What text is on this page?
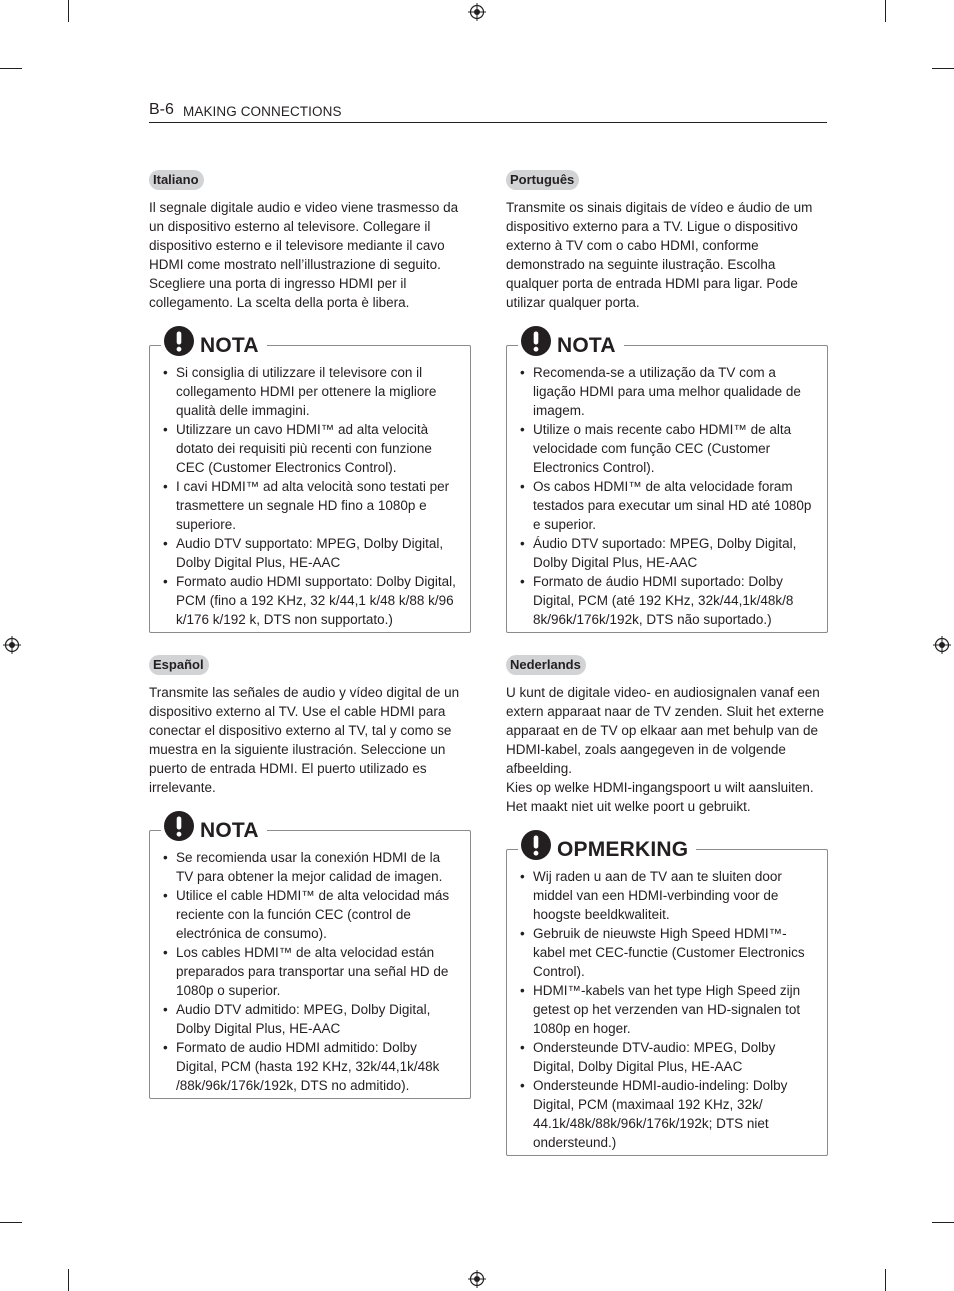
B-6 MAKING CONNECTIONS
Italiano

Il segnale digitale audio e video viene trasmesso da un dispositivo esterno al televisore. Collegare il dispositivo esterno e il televisore mediante il cavo HDMI come mostrato nell’illustrazione di seguito. Scegliere una porta di ingresso HDMI per il collegamento. La scelta della porta è libera.

NOTA
• Si consiglia di utilizzare il televisore con il collegamento HDMI per ottenere la migliore qualità delle immagini.
• Utilizzare un cavo HDMI™ ad alta velocità dotato dei requisiti più recenti con funzione CEC (Customer Electronics Control).
• I cavi HDMI™ ad alta velocità sono testati per trasmettere un segnale HD fino a 1080p e superiore.
• Audio DTV supportato: MPEG, Dolby Digital, Dolby Digital Plus, HE-AAC
• Formato audio HDMI supportato: Dolby Digital, PCM (fino a 192 KHz, 32 k/44,1 k/48 k/88 k/96 k/176 k/192 k, DTS non supportato.)
Español

Transmite las señales de audio y vídeo digital de un dispositivo externo al TV. Use el cable HDMI para conectar el dispositivo externo al TV, tal y como se muestra en la siguiente ilustración. Seleccione un puerto de entrada HDMI. El puerto utilizado es irrelevante.

NOTA
• Se recomienda usar la conexión HDMI de la TV para obtener la mejor calidad de imagen.
• Utilice el cable HDMI™ de alta velocidad más reciente con la función CEC (control de electrónica de consumo).
• Los cables HDMI™ de alta velocidad están preparados para transportar una señal HD de 1080p o superior.
• Audio DTV admitido: MPEG, Dolby Digital, Dolby Digital Plus, HE-AAC
• Formato de audio HDMI admitido: Dolby Digital, PCM (hasta 192 KHz, 32k/44,1k/48k /88k/96k/176k/192k, DTS no admitido).
Português

Transmite os sinais digitais de vídeo e áudio de um dispositivo externo para a TV. Ligue o dispositivo externo à TV com o cabo HDMI, conforme demonstrado na seguinte ilustração. Escolha qualquer porta de entrada HDMI para ligar. Pode utilizar qualquer porta.

NOTA
• Recomenda-se a utilização da TV com a ligação HDMI para uma melhor qualidade de imagem.
• Utilize o mais recente cabo HDMI™ de alta velocidade com função CEC (Customer Electronics Control).
• Os cabos HDMI™ de alta velocidade foram testados para executar um sinal HD até 1080p e superior.
• Áudio DTV suportado: MPEG, Dolby Digital, Dolby Digital Plus, HE-AAC
• Formato de áudio HDMI suportado: Dolby Digital, PCM (até 192 KHz, 32k/44,1k/48k/8 8k/96k/176k/192k, DTS não suportado.)
Nederlands

U kunt de digitale video- en audiosignalen vanaf een extern apparaat naar de TV zenden. Sluit het externe apparaat en de TV op elkaar aan met behulp van de HDMI-kabel, zoals aangegeven in de volgende afbeelding.

Kies op welke HDMI-ingangspoort u wilt aansluiten. Het maakt niet uit welke poort u gebruikt.

OPMERKING
• Wij raden u aan de TV aan te sluiten door middel van een HDMI-verbinding voor de hoogste beeldkwaliteit.
• Gebruik de nieuwste High Speed HDMI™-kabel met CEC-functie (Customer Electronics Control).
• HDMI™-kabels van het type High Speed zijn getest op het verzenden van HD-signalen tot 1080p en hoger.
• Ondersteunde DTV-audio: MPEG, Dolby Digital, Dolby Digital Plus, HE-AAC
• Ondersteunde HDMI-audio-indeling: Dolby Digital, PCM (maximaal 192 KHz, 32k/ 44.1k/48k/88k/96k/176k/192k; DTS niet ondersteund.)
